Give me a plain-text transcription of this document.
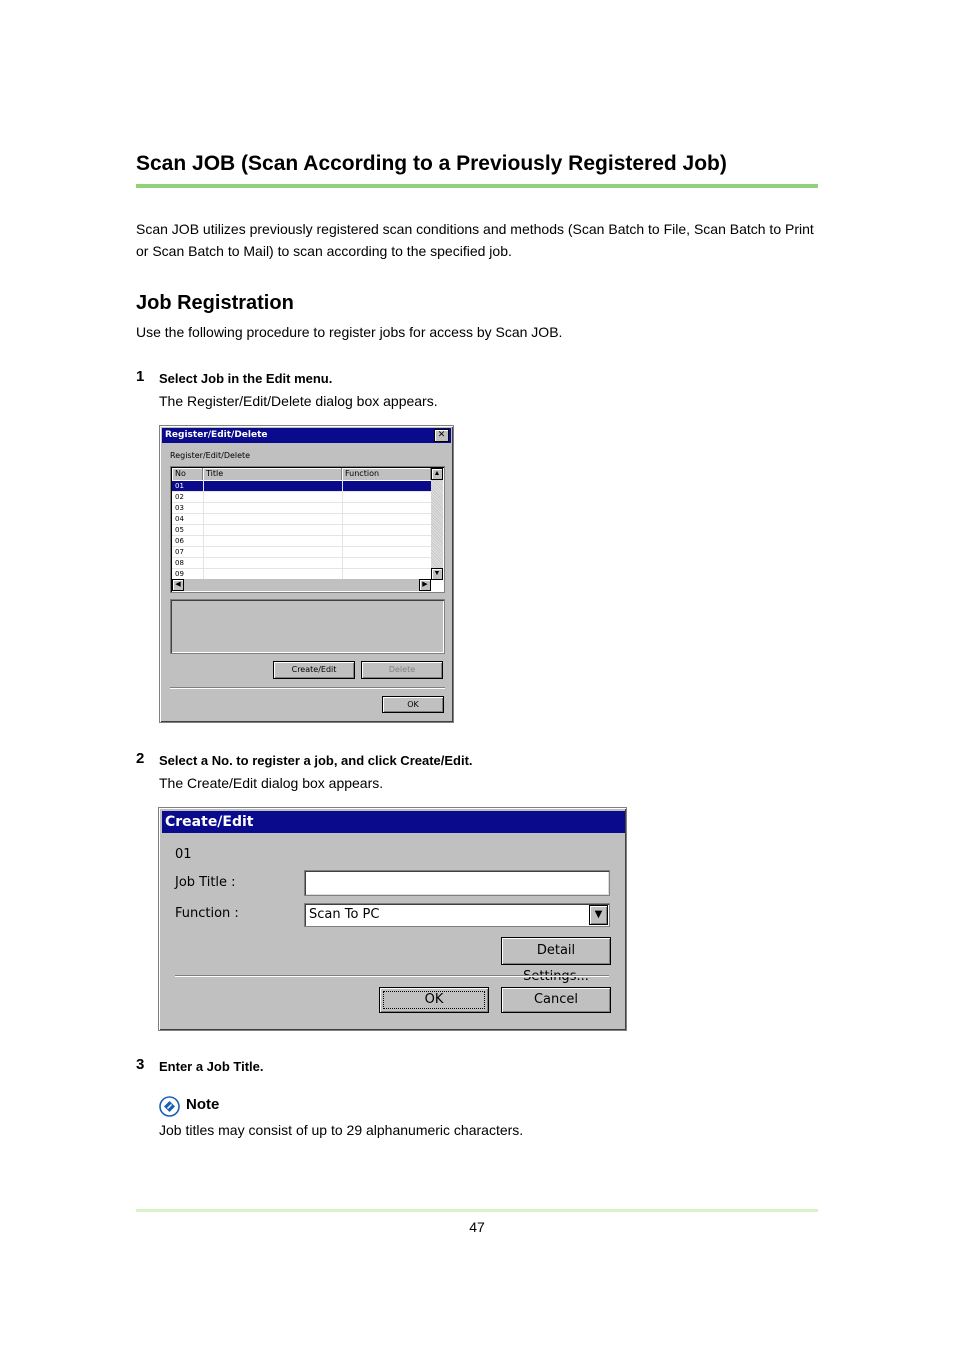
Scan JOB (Scan According to a Previously Registered Job)
Scan JOB utilizes previously registered scan conditions and methods (Scan Batch to File, Scan Batch to Print or Scan Batch to Mail) to scan according to the specified job.
Job Registration
Use the following procedure to register jobs for access by Scan JOB.
1 Select Job in the Edit menu.
The Register/Edit/Delete dialog box appears.
Register/Edit/Delete	✕
Register/Edit/Delete
No	Title	Function
01
02
03
04
05
06
07
08
09
▲
▼
◀	▶
Create/Edit	Delete
OK
2 Select a No. to register a job, and click Create/Edit.
The Create/Edit dialog box appears.
Create/Edit
01
Job Title :
Function :	Scan To PC	▼
Detail
OK	Cancel
3 Enter a Job Title.
Note
Job titles may consist of up to 29 alphanumeric characters.
47
